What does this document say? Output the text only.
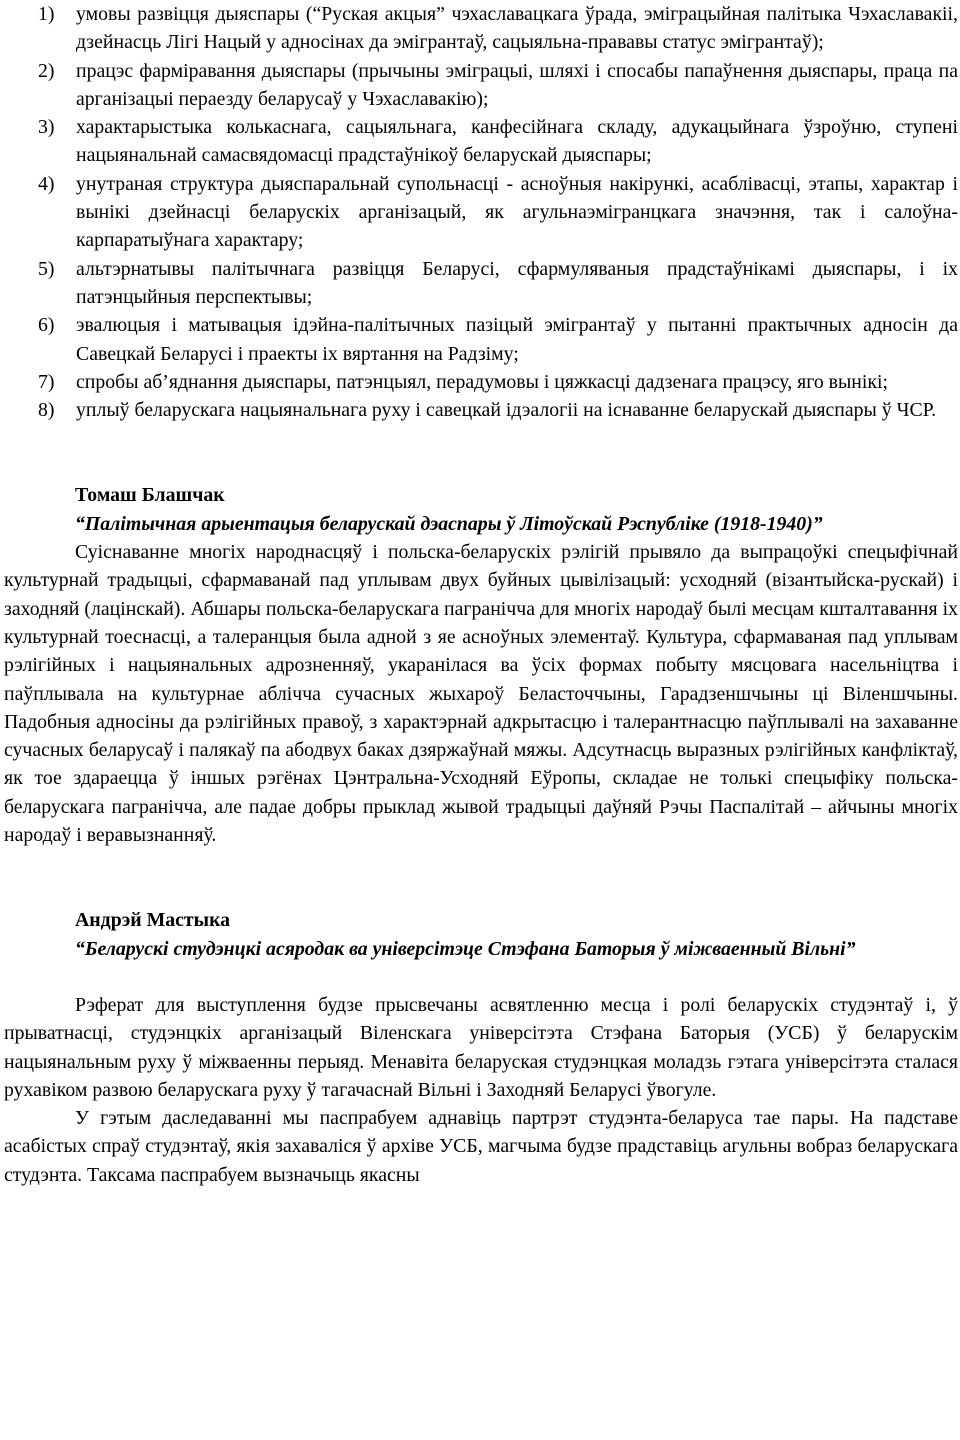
1) умовы развіцця дыяспары (“Руская акцыя” чэхаславацкага ўрада, эміграцыйная палітыка Чэхаславакіі, дзейнасць Лігі Нацый у адносінах да эмігрантаў, сацыяльна-прававы статус эмігрантаў);
2) працэс фарміравання дыяспары (прычыны эміграцыі, шляхі і спосабы папаўнення дыяспары, праца па арганізацыі пераезду беларусаў у Чэхаславакію);
3) характарыстыка колькаснага, сацыяльнага, канфесійнага складу, адукацыйнага ўзроўню, ступені нацыянальнай самасвядомасці прадстаўнікоў беларускай дыяспары;
4) унутраная структура дыяспаральнай супольнасці - асноўныя накірункі, асаблівасці, этапы, характар і вынікі дзейнасці беларускіх арганізацый, як агульнаэмігранцкага значэння, так і салоўна-карпаратыўнага характару;
5) альтэрнатывы палітычнага развіцця Беларусі, сфармуляваныя прадстаўнікамі дыяспары, і іх патэнцыйныя перспектывы;
6) эвалюцыя і матывацыя ідэйна-палітычных пазіцый эмігрантаў у пытанні практычных адносін да Савецкай Беларусі і праекты іх вяртання на Радзіму;
7) спробы аб’яднання дыяспары, патэнцыял, перадумовы і цяжкасці дадзенага працэсу, яго вынікі;
8) уплыў беларускага нацыянальнага руху і савецкай ідэалогіі на існаванне беларускай дыяспары ў ЧСР.

Томаш Блашчак

“Палітычная арыентацыя беларускай дэаспары ў Літоўскай Рэспубліке (1918-1940)”

Суіснаванне многіх народнасцяў і польска-беларускіх рэлігій прывяло да выпрацоўкі спецыфічнай культурнай традыцыі, сфармаванай пад уплывам двух буйных цывілізацый: усходняй (візантыйска-рускай) і заходняй (лацінскай). Абшары польска-беларускага пагранічча для многіх народаў былі месцам кшталтавання іх культурнай тоеснасці, а талеранцыя была адной з яе асноўных элементаў. Культура, сфармаваная пад уплывам рэлігійных і нацыянальных адрозненняў, укаранілася ва ўсіх формах побыту мясцовага насельніцтва і паўплывала на культурнае аблічча сучасных жыхароў Беласточчыны, Гарадзеншчыны ці Віленшчыны. Падобныя адносіны да рэлігійных правоў, з характэрнай адкрытасцю і талерантнасцю паўплывалі на захаванне сучасных беларусаў і палякаў па абодвух баках дзяржаўнай мяжы. Адсутнасць выразных рэлігійных канфліктаў, як тое здараецца ў іншых рэгёнах Цэнтральна-Усходняй Еўропы, складае не толькі спецыфіку польска-беларускага пагранічча, але падае добры прыклад жывой традыцыі даўняй Рэчы Паспалітай – айчыны многіх народаў і веравызнанняў.

Андрэй Мастыка

“Беларускі студэнцкі асяродак ва універсітэце Стэфана Баторыя ў міжваенный Вільні”

Рэферат для выступлення будзе прысвечаны асвятленню месца і ролі беларускіх студэнтаў і, ў прыватнасці, студэнцкіх арганізацый Віленскага універсітэта Стэфана Баторыя (УСБ) ў беларускім нацыянальным руху ў міжваенны перыяд. Менавіта беларуская студэнцкая моладзь гэтага універсітэта сталася рухавіком развою беларускага руху ў тагачаснай Вільні і Заходняй Беларусі ўвогуле.

У гэтым даследаванні мы паспрабуем аднавіць партрэт студэнта-беларуса тае пары. На падставе асабістых спраў студэнтаў, якія захаваліся ў архіве УСБ, магчыма будзе прадставіць агульны вобраз беларускага студэнта. Таксама паспрабуем вызначыць якасны
